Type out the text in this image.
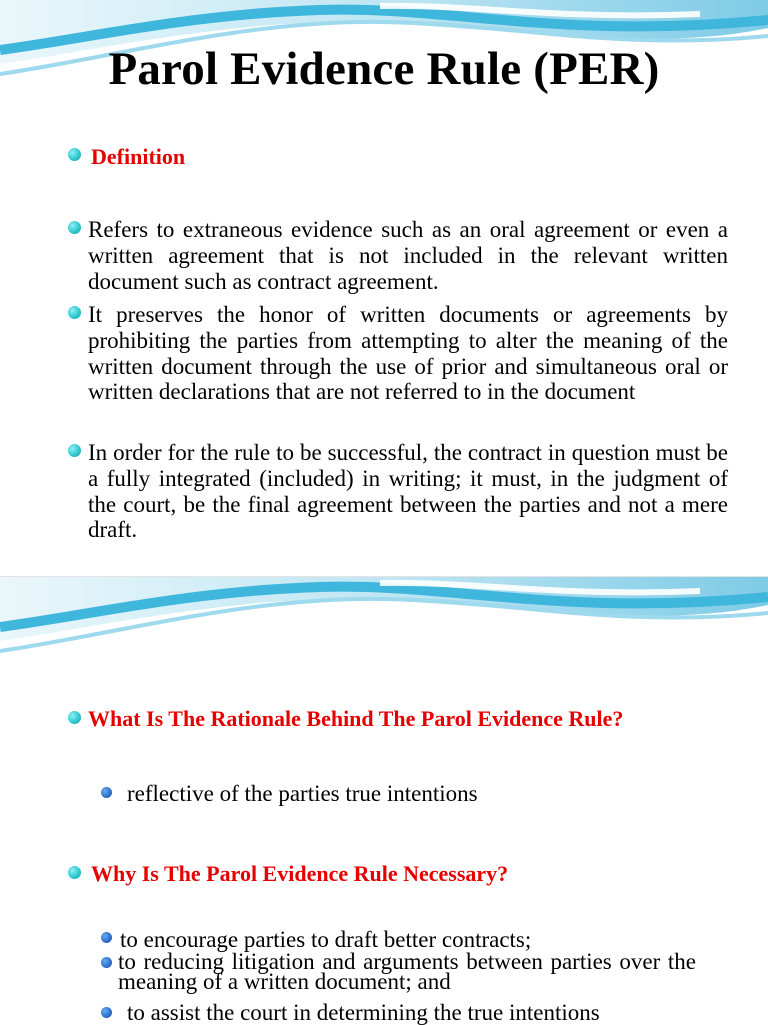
Parol Evidence Rule (PER)

Definition

Refers to extraneous evidence such as an oral agreement or even a written agreement that is not included in the relevant written document such as contract agreement.

It preserves the honor of written documents or agreements by prohibiting the parties from attempting to alter the meaning of the written document through the use of prior and simultaneous oral or written declarations that are not referred to in the document

In order for the rule to be successful, the contract in question must be a fully integrated (included) in writing; it must, in the judgment of the court, be the final agreement between the parties and not a mere draft.

What Is The Rationale Behind The Parol Evidence Rule?

reflective of the parties true intentions

Why Is The Parol Evidence Rule Necessary?

to encourage parties to draft better contracts;

to reducing litigation and arguments between parties over the meaning of a written document; and

to assist the court in determining the true intentions
